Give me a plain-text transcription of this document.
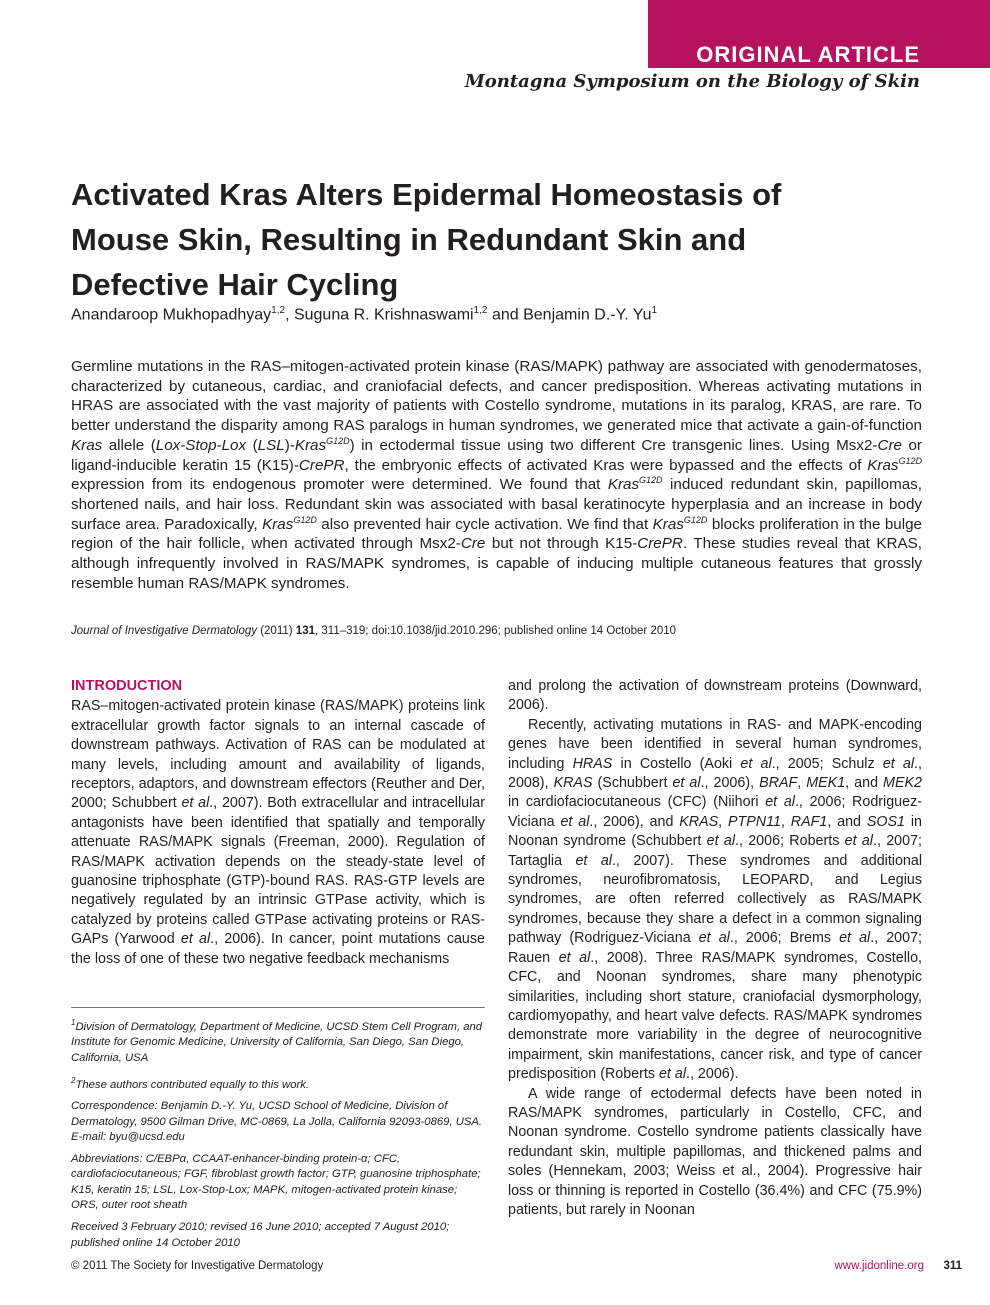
ORIGINAL ARTICLE
Montagna Symposium on the Biology of Skin
Activated Kras Alters Epidermal Homeostasis of Mouse Skin, Resulting in Redundant Skin and Defective Hair Cycling
Anandaroop Mukhopadhyay$^{1,2}$, Suguna R. Krishnaswami$^{1,2}$ and Benjamin D.-Y. Yu$^1$

Germline mutations in the RAS–mitogen-activated protein kinase (RAS/MAPK) pathway are associated with genodermatoses, characterized by cutaneous, cardiac, and craniofacial defects, and cancer predisposition. Whereas activating mutations in HRAS are associated with the vast majority of patients with Costello syndrome, mutations in its paralog, KRAS, are rare. To better understand the disparity among RAS paralogs in human syndromes, we generated mice that activate a gain-of-function Kras allele (Lox-Stop-Lox (LSL)-Kras$^{G12D}$) in ectodermal tissue using two different Cre transgenic lines. Using Msx2-Cre or ligand-inducible keratin 15 (K15)-CrePR, the embryonic effects of activated Kras were bypassed and the effects of Kras$^{G12D}$ expression from its endogenous promoter were determined. We found that Kras$^{G12D}$ induced redundant skin, papillomas, shortened nails, and hair loss. Redundant skin was associated with basal keratinocyte hyperplasia and an increase in body surface area. Paradoxically, Kras$^{G12D}$ also prevented hair cycle activation. We find that Kras$^{G12D}$ blocks proliferation in the bulge region of the hair follicle, when activated through Msx2-Cre but not through K15-CrePR. These studies reveal that KRAS, although infrequently involved in RAS/MAPK syndromes, is capable of inducing multiple cutaneous features that grossly resemble human RAS/MAPK syndromes.

Journal of Investigative Dermatology (2011) 131, 311–319; doi:10.1038/jid.2010.296; published online 14 October 2010
INTRODUCTION

RAS–mitogen-activated protein kinase (RAS/MAPK) proteins link extracellular growth factor signals to an internal cascade of downstream pathways. Activation of RAS can be modulated at many levels, including amount and availability of ligands, receptors, adaptors, and downstream effectors (Reuther and Der, 2000; Schubbert et al., 2007). Both extracellular and intracellular antagonists have been identified that spatially and temporally attenuate RAS/MAPK signals (Freeman, 2000). Regulation of RAS/MAPK activation depends on the steady-state level of guanosine triphosphate (GTP)-bound RAS. RAS-GTP levels are negatively regulated by an intrinsic GTPase activity, which is catalyzed by proteins called GTPase activating proteins or RAS-GAPs (Yarwood et al., 2006). In cancer, point mutations cause the loss of one of these two negative feedback mechanisms

$^1$Division of Dermatology, Department of Medicine, UCSD Stem Cell Program, and Institute for Genomic Medicine, University of California, San Diego, San Diego, California, USA

$^2$These authors contributed equally to this work.

Correspondence: Benjamin D.-Y. Yu, UCSD School of Medicine, Division of Dermatology, 9500 Gilman Drive, MC-0869, La Jolla, California 92093-0869, USA. E-mail: byu@ucsd.edu

Abbreviations: C/EBPα, CCAAT-enhancer-binding protein-α; CFC, cardiofaciocutaneous; FGF, fibroblast growth factor; GTP, guanosine triphosphate; K15, keratin 15; LSL, Lox-Stop-Lox; MAPK, mitogen-activated protein kinase; ORS, outer root sheath

Received 3 February 2010; revised 16 June 2010; accepted 7 August 2010; published online 14 October 2010

and prolong the activation of downstream proteins (Downward, 2006).

Recently, activating mutations in RAS- and MAPK-encoding genes have been identified in several human syndromes, including HRAS in Costello (Aoki et al., 2005; Schulz et al., 2008), KRAS (Schubbert et al., 2006), BRAF, MEK1, and MEK2 in cardiofaciocutaneous (CFC) (Niihori et al., 2006; Rodriguez-Viciana et al., 2006), and KRAS, PTPN11, RAF1, and SOS1 in Noonan syndrome (Schubbert et al., 2006; Roberts et al., 2007; Tartaglia et al., 2007). These syndromes and additional syndromes, neurofibromatosis, LEOPARD, and Legius syndromes, are often referred collectively as RAS/MAPK syndromes, because they share a defect in a common signaling pathway (Rodriguez-Viciana et al., 2006; Brems et al., 2007; Rauen et al., 2008). Three RAS/MAPK syndromes, Costello, CFC, and Noonan syndromes, share many phenotypic similarities, including short stature, craniofacial dysmorphology, cardiomyopathy, and heart valve defects. RAS/MAPK syndromes demonstrate more variability in the degree of neurocognitive impairment, skin manifestations, cancer risk, and type of cancer predisposition (Roberts et al., 2006).

A wide range of ectodermal defects have been noted in RAS/MAPK syndromes, particularly in Costello, CFC, and Noonan syndrome. Costello syndrome patients classically have redundant skin, multiple papillomas, and thickened palms and soles (Hennekam, 2003; Weiss et al., 2004). Progressive hair loss or thinning is reported in Costello (36.4%) and CFC (75.9%) patients, but rarely in Noonan

© 2011 The Society for Investigative Dermatology	www.jidonline.org 311
